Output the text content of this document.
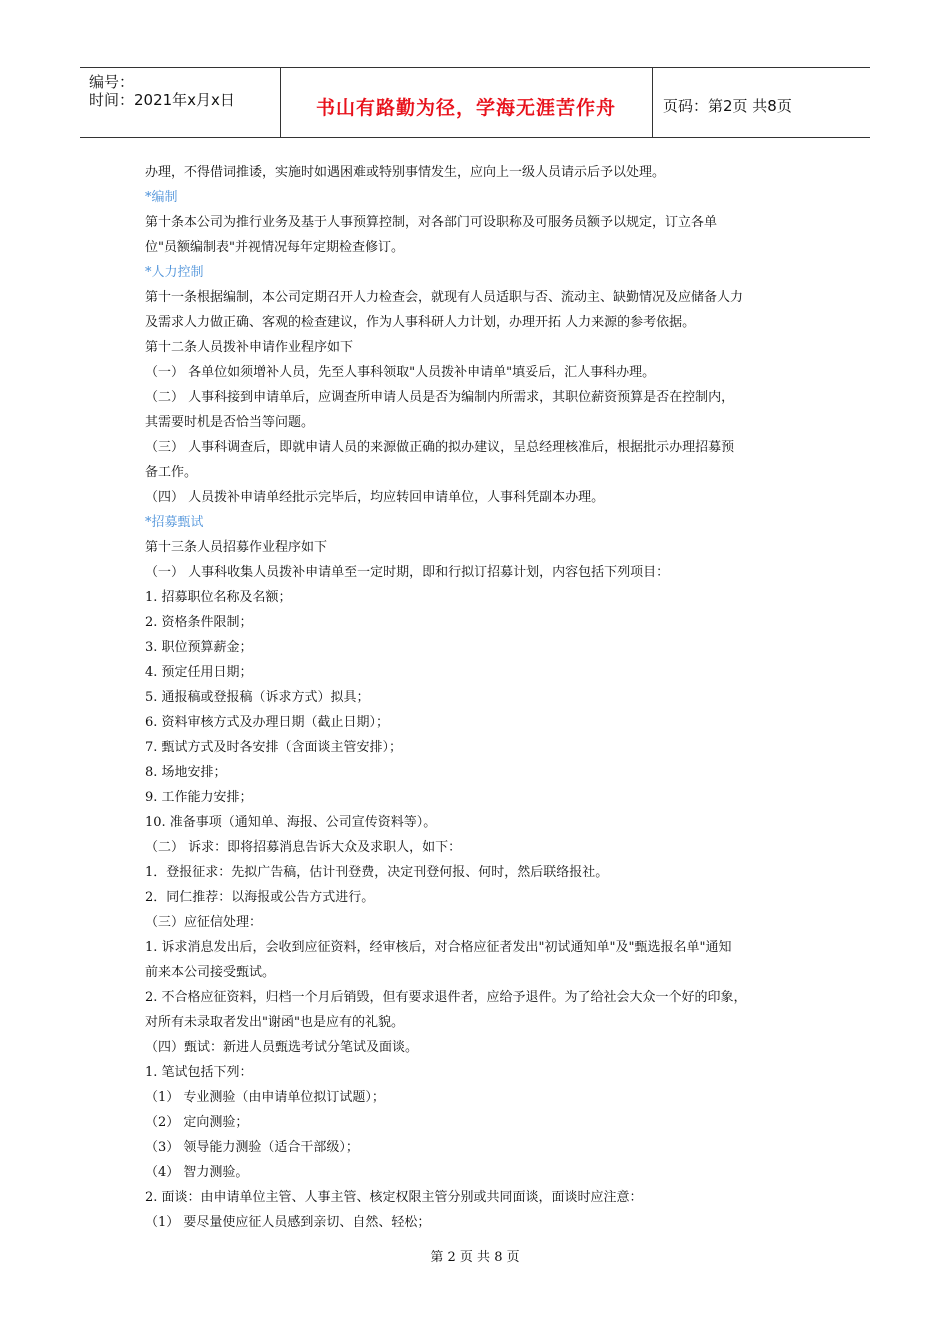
编号：
时间：2021年x月x日	书山有路勤为径，学海无涯苦作舟	页码：第2页 共8页
办理，不得借词推诿，实施时如遇困难或特别事情发生，应向上一级人员请示后予以处理。
*编制
第十条本公司为推行业务及基于人事预算控制，对各部门可设职称及可服务员额予以规定，订立各单
位"员额编制表"并视情况每年定期检查修订。
*人力控制
第十一条根据编制，本公司定期召开人力检查会，就现有人员适职与否、流动主、缺勤情况及应储备人力
及需求人力做正确、客观的检查建议，作为人事科研人力计划，办理开拓 人力来源的参考依据。
第十二条人员拨补申请作业程序如下
（一） 各单位如须增补人员，先至人事科领取"人员拨补申请单"填妥后，汇人事科办理。
（二） 人事科接到申请单后，应调查所申请人员是否为编制内所需求，其职位薪资预算是否在控制内，
其需要时机是否恰当等问题。
（三） 人事科调查后，即就申请人员的来源做正确的拟办建议，呈总经理核准后，根据批示办理招募预
备工作。
（四） 人员拨补申请单经批示完毕后，均应转回申请单位，人事科凭副本办理。
*招募甄试
第十三条人员招募作业程序如下
（一） 人事科收集人员拨补申请单至一定时期，即和行拟订招募计划，内容包括下列项目：
1. 招募职位名称及名额；
2. 资格条件限制；
3. 职位预算薪金；
4. 预定任用日期；
5. 通报稿或登报稿（诉求方式）拟具；
6. 资料审核方式及办理日期（截止日期）；
7. 甄试方式及时各安排（含面谈主管安排）；
8. 场地安排；
9. 工作能力安排；
10. 准备事项（通知单、海报、公司宣传资料等）。
（二） 诉求：即将招募消息告诉大众及求职人，如下：
1．登报征求：先拟广告稿，估计刊登费，决定刊登何报、何时，然后联络报社。
2．同仁推荐：以海报或公告方式进行。
（三）应征信处理：
1. 诉求消息发出后，会收到应征资料，经审核后，对合格应征者发出"初试通知单"及"甄选报名单"通知
前来本公司接受甄试。
2. 不合格应征资料，归档一个月后销毁，但有要求退件者，应给予退件。为了给社会大众一个好的印象，
对所有未录取者发出"谢函"也是应有的礼貌。
（四）甄试：新进人员甄选考试分笔试及面谈。
1. 笔试包括下列：
（1） 专业测验（由申请单位拟订试题）；
（2） 定向测验；
（3） 领导能力测验（适合干部级）；
（4） 智力测验。
2. 面谈：由申请单位主管、人事主管、核定权限主管分别或共同面谈，面谈时应注意：
（1） 要尽量使应征人员感到亲切、自然、轻松；
第 2 页 共 8 页
